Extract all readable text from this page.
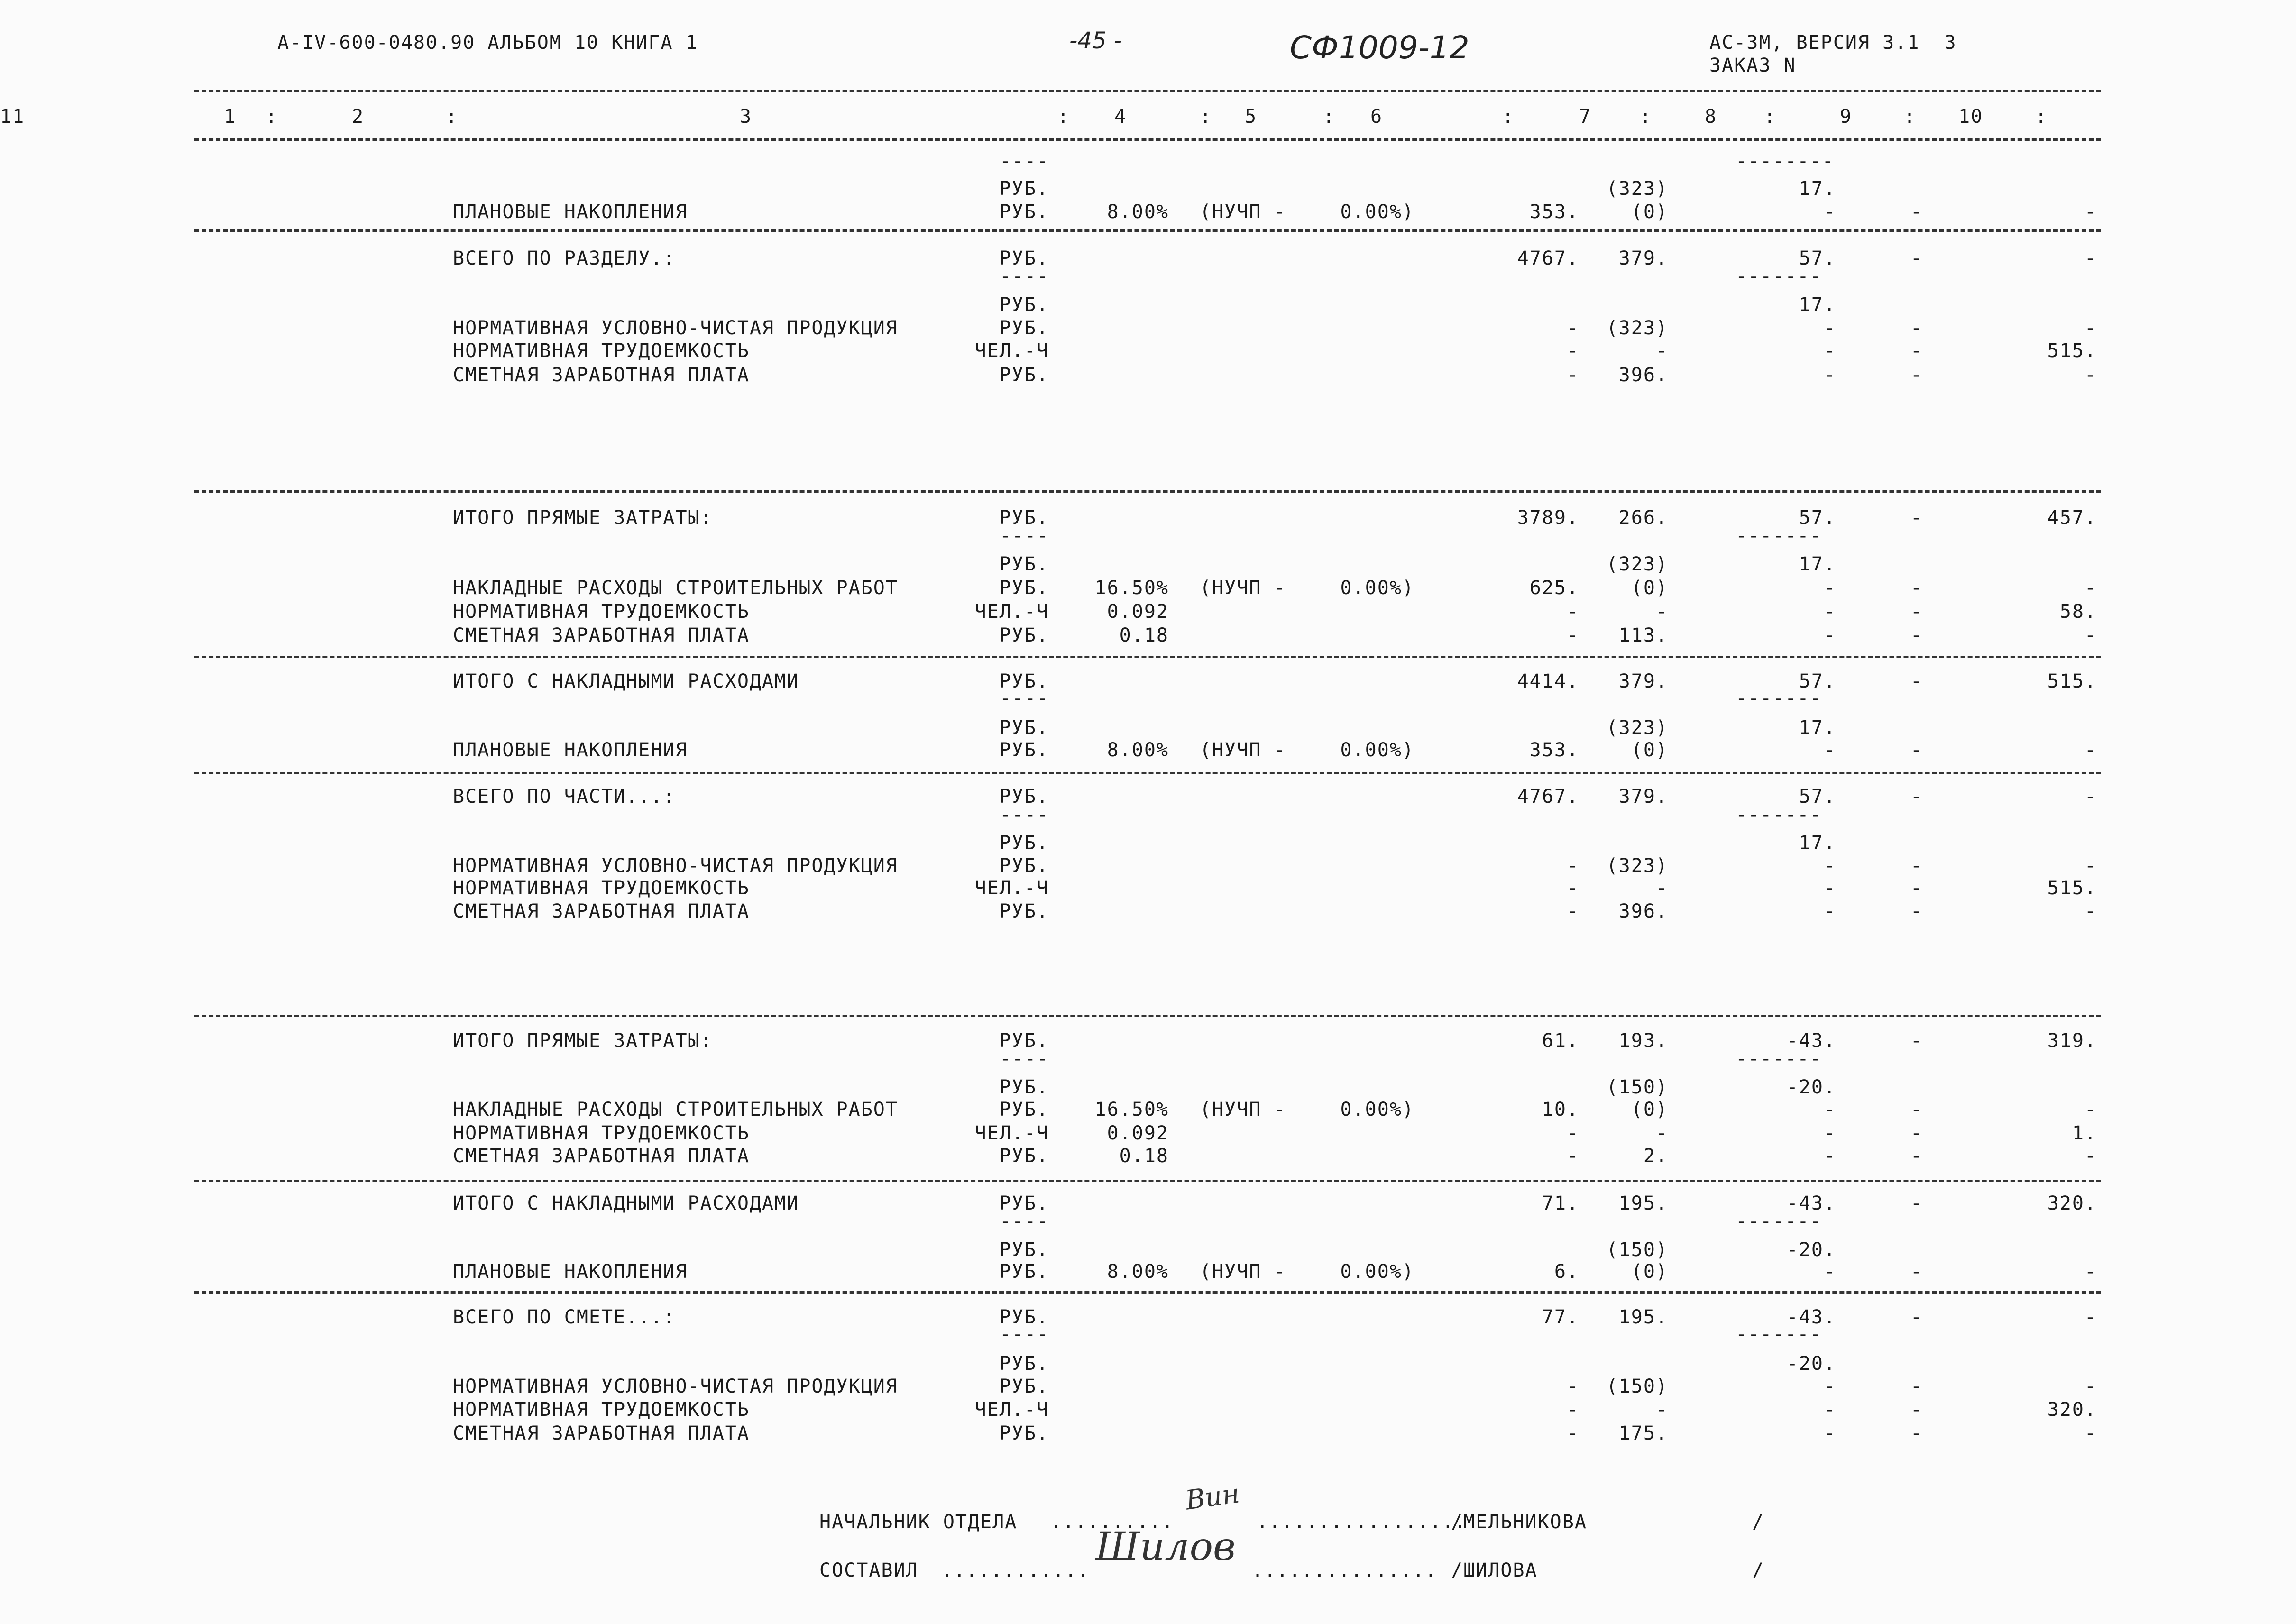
A-IV-600-0480.90 АЛЬБОМ 10 КНИГА 1	-45 -	СФ1009-12	АС-3М, ВЕРСИЯ 3.1  3
ЗАКАЗ N
1 :	2	:	3	: 4	: 5	: 6	:	7	:	8 :	9	: 10	:
11
РУБ.	(323)	17.
ПЛАНОВЫЕ НАКОПЛЕНИЯ	РУБ.	8.00% (НУЧП -	0.00%)	353.	(0)	-	-	-
ВСЕГО ПО РАЗДЕЛУ.:	РУБ.	4767. 379.	57.	-	-
РУБ.	17.
НОРМАТИВНАЯ УСЛОВНО-ЧИСТАЯ ПРОДУКЦИЯ	РУБ.	- (323)	-	-	-
НОРМАТИВНАЯ ТРУДОЕМКОСТЬ	ЧЕЛ.-Ч	-	-	-	-	515.
СМЕТНАЯ ЗАРАБОТНАЯ ПЛАТА	РУБ.	- 396.	-	-	-
ИТОГО ПРЯМЫЕ ЗАТРАТЫ:	РУБ.	3789. 266.	57.	-	457.
РУБ.	(323)	17.
НАКЛАДНЫЕ РАСХОДЫ СТРОИТЕЛЬНЫХ РАБОТ	РУБ. 16.50% (НУЧП -	0.00%)	625.	(0)	-	-	-
НОРМАТИВНАЯ ТРУДОЕМКОСТЬ	ЧЕЛ.-Ч	0.092	-	-	-	-	58.
СМЕТНАЯ ЗАРАБОТНАЯ ПЛАТА	РУБ.	0.18	- 113.	-	-	-
ИТОГО С НАКЛАДНЫМИ РАСХОДАМИ	РУБ.	4414. 379.	57.	-	515.
РУБ.	(323)	17.
ПЛАНОВЫЕ НАКОПЛЕНИЯ	РУБ.	8.00% (НУЧП -	0.00%)	353.	(0)	-	-	-
ВСЕГО ПО ЧАСТИ...:	РУБ.	4767. 379.	57.	-	-
РУБ.	17.
НОРМАТИВНАЯ УСЛОВНО-ЧИСТАЯ ПРОДУКЦИЯ	РУБ.	- (323)	-	-	-
НОРМАТИВНАЯ ТРУДОЕМКОСТЬ	ЧЕЛ.-Ч	-	-	-	-	515.
СМЕТНАЯ ЗАРАБОТНАЯ ПЛАТА	РУБ.	- 396.	-	-	-
ИТОГО ПРЯМЫЕ ЗАТРАТЫ:	РУБ.	61. 193.	-43.	-	319.
РУБ.	(150)	-20.
НАКЛАДНЫЕ РАСХОДЫ СТРОИТЕЛЬНЫХ РАБОТ	РУБ. 16.50% (НУЧП -	0.00%)	10.	(0)	-	-	-
НОРМАТИВНАЯ ТРУДОЕМКОСТЬ	ЧЕЛ.-Ч	0.092	-	-	-	-	1.
СМЕТНАЯ ЗАРАБОТНАЯ ПЛАТА	РУБ.	0.18	-	2.	-	-	-
ИТОГО С НАКЛАДНЫМИ РАСХОДАМИ	РУБ.	71. 195.	-43.	-	320.
РУБ.	(150)	-20.
ПЛАНОВЫЕ НАКОПЛЕНИЯ	РУБ.	8.00% (НУЧП -	0.00%)	6.	(0)	-	-	-
ВСЕГО ПО СМЕТЕ...:	РУБ.	77. 195.	-43.	-	-
РУБ.	-20.
НОРМАТИВНАЯ УСЛОВНО-ЧИСТАЯ ПРОДУКЦИЯ	РУБ.	- (150)	-	-	-
НОРМАТИВНАЯ ТРУДОЕМКОСТЬ	ЧЕЛ.-Ч	-	-	-	-	320.
СМЕТНАЯ ЗАРАБОТНАЯ ПЛАТА	РУБ.	- 175.	-	-	-
----
----
----
----
----
----
----
----
--------
-------
-------
-------
-------
-------
-------
-------
НАЧАЛЬНИК ОТДЕЛА ..........
Вин
.................
/МЕЛЬНИКОВА	/
СОСТАВИЛ ............
Шилов
............... /ШИЛОВА	/
